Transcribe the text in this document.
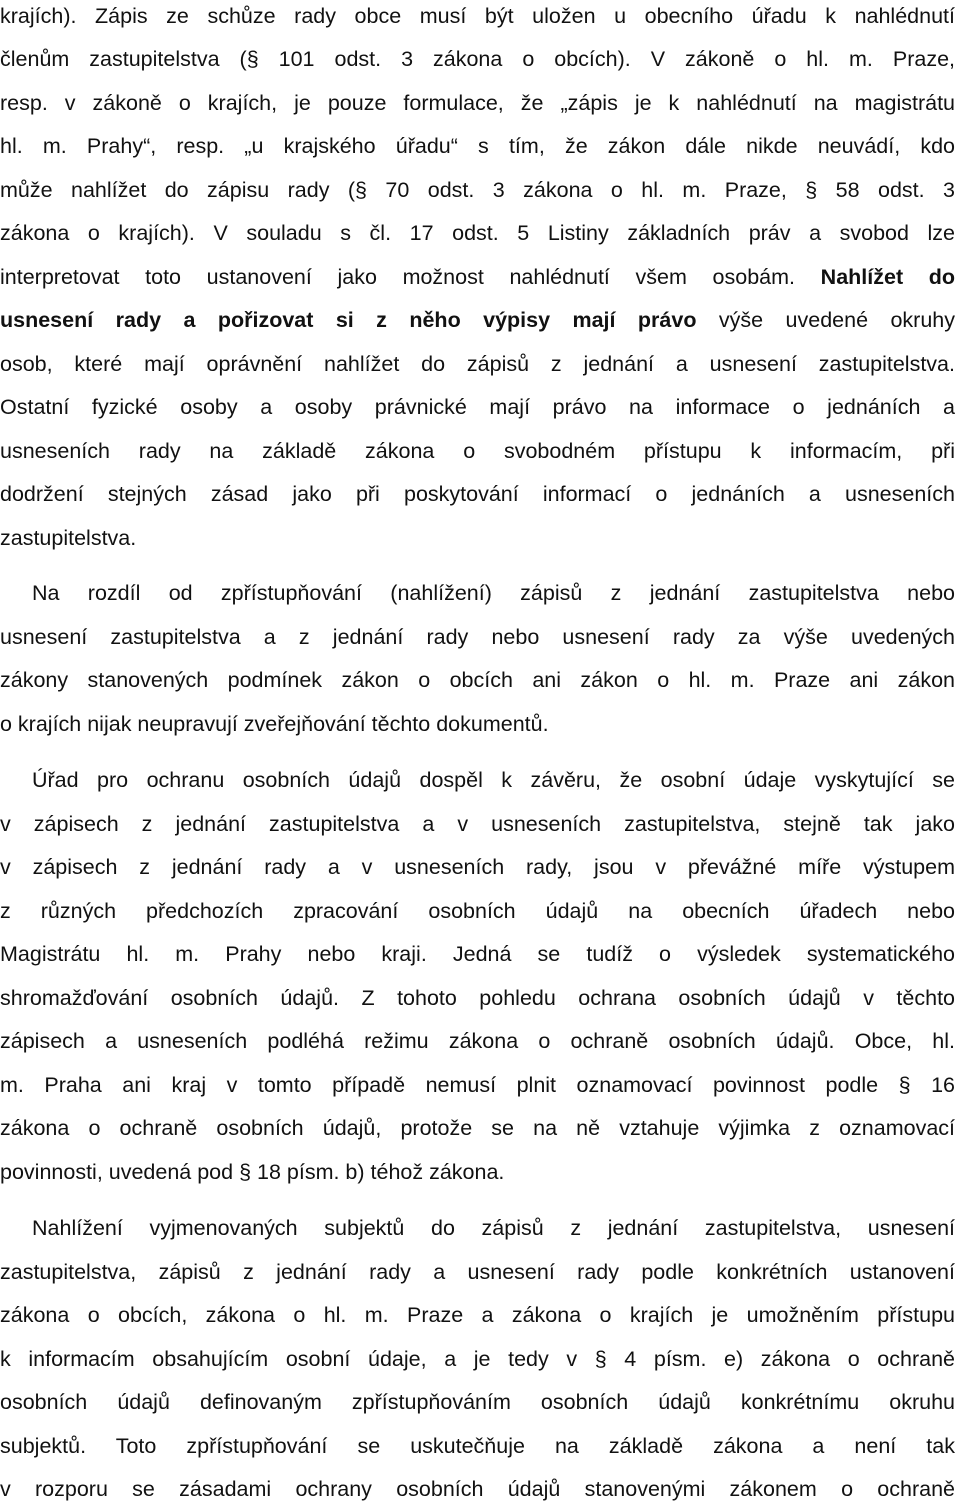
krajích). Zápis ze schůze rady obce musí být uložen u obecního úřadu k nahlédnutí
členům zastupitelstva (§ 101 odst. 3 zákona o obcích). V zákoně o hl. m. Praze,
resp. v zákoně o krajích, je pouze formulace, že „zápis je k nahlédnutí na magistrátu
hl. m. Prahy“, resp. „u krajského úřadu“ s tím, že zákon dále nikde neuvádí, kdo
může nahlížet do zápisu rady (§ 70 odst. 3 zákona o hl. m. Praze, § 58 odst. 3
zákona o krajích). V souladu s čl. 17 odst. 5 Listiny základních práv a svobod lze
interpretovat toto ustanovení jako možnost nahlédnutí všem osobám. Nahlížet do
usnesení rady a pořizovat si z něho výpisy mají právo výše uvedené okruhy
osob, které mají oprávnění nahlížet do zápisů z jednání a usnesení zastupitelstva.
Ostatní fyzické osoby a osoby právnické mají právo na informace o jednáních a
usneseních rady na základě zákona o svobodném přístupu k informacím, při
dodržení stejných zásad jako při poskytování informací o jednáních a usneseních
zastupitelstva.
Na rozdíl od zpřístupňování (nahlížení) zápisů z jednání zastupitelstva nebo
usnesení zastupitelstva a z jednání rady nebo usnesení rady za výše uvedených
zákony stanovených podmínek zákon o obcích ani zákon o hl. m. Praze ani zákon
o krajích nijak neupravují zveřejňování těchto dokumentů.
Úřad pro ochranu osobních údajů dospěl k závěru, že osobní údaje vyskytující se
v zápisech z jednání zastupitelstva a v usneseních zastupitelstva, stejně tak jako
v zápisech z jednání rady a v usneseních rady, jsou v převážné míře výstupem
z různých předchozích zpracování osobních údajů na obecních úřadech nebo
Magistrátu hl. m. Prahy nebo kraji. Jedná se tudíž o výsledek systematického
shromažďování osobních údajů. Z tohoto pohledu ochrana osobních údajů v těchto
zápisech a usneseních podléhá režimu zákona o ochraně osobních údajů. Obce, hl.
m. Praha ani kraj v tomto případě nemusí plnit oznamovací povinnost podle § 16
zákona o ochraně osobních údajů, protože se na ně vztahuje výjimka z oznamovací
povinnosti, uvedená pod § 18 písm. b) téhož zákona.
Nahlížení vyjmenovaných subjektů do zápisů z jednání zastupitelstva, usnesení
zastupitelstva, zápisů z jednání rady a usnesení rady podle konkrétních ustanovení
zákona o obcích, zákona o hl. m. Praze a zákona o krajích je umožněním přístupu
k informacím obsahujícím osobní údaje, a je tedy v § 4 písm. e) zákona o ochraně
osobních údajů definovaným zpřístupňováním osobních údajů konkrétnímu okruhu
subjektů. Toto zpřístupňování se uskutečňuje na základě zákona a není tak
v rozporu se zásadami ochrany osobních údajů stanovenými zákonem o ochraně
